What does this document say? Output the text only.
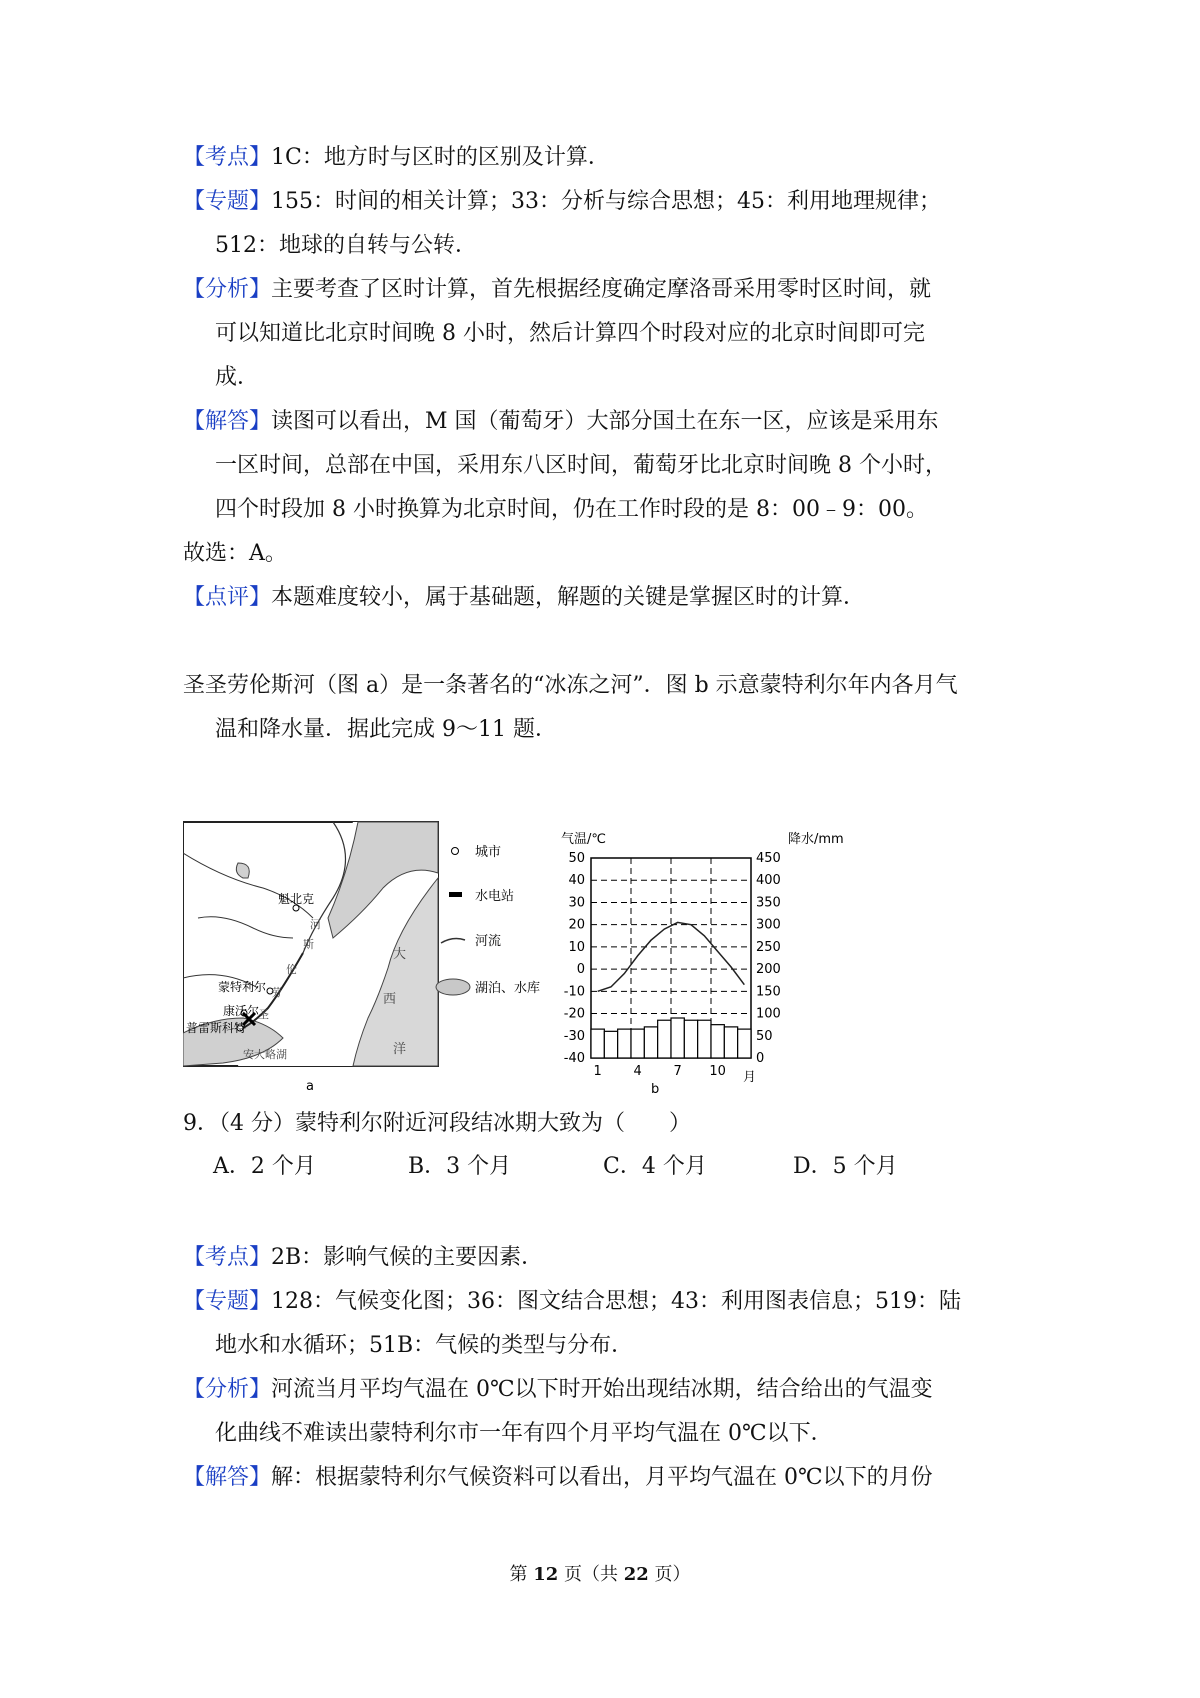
【考点】1C：地方时与区时的区别及计算．
【专题】155：时间的相关计算；33：分析与综合思想；45：利用地理规律；
512：地球的自转与公转．
【分析】主要考查了区时计算，首先根据经度确定摩洛哥采用零时区时间，就
可以知道比北京时间晚 8 小时，然后计算四个时段对应的北京时间即可完
成．
【解答】读图可以看出，M 国（葡萄牙）大部分国土在东一区，应该是采用东
一区时间，总部在中国，采用东八区时间，葡萄牙比北京时间晚 8 个小时，
四个时段加 8 小时换算为北京时间，仍在工作时段的是 8：00﹣9：00。
故选：A。
【点评】本题难度较小，属于基础题，解题的关键是掌握区时的计算．
圣圣劳伦斯河（图 a）是一条著名的“冰冻之河”．图 b 示意蒙特利尔年内各月气
温和降水量．据此完成 9～11 题．
魁北克
蒙特利尔
康沃尔
普雷斯科特
河
斯
伦
劳
圣
安大略湖
大
西
洋
a
城市
水电站
河流
湖泊、水库
气温/℃	降水/mm
50
40
30
20
10
0
-10
-20
-30
-40
450
400
350
300
250
200
150
100
50
0
1 4 7 10
b
月
9．（4 分）蒙特利尔附近河段结冰期大致为（　　）
A．2 个月	B．3 个月	C．4 个月	D．5 个月
【考点】2B：影响气候的主要因素．
【专题】128：气候变化图；36：图文结合思想；43：利用图表信息；519：陆
地水和水循环；51B：气候的类型与分布．
【分析】河流当月平均气温在 0℃以下时开始出现结冰期，结合给出的气温变
化曲线不难读出蒙特利尔市一年有四个月平均气温在 0℃以下．
【解答】解：根据蒙特利尔气候资料可以看出，月平均气温在 0℃以下的月份
第 12 页（共 22 页）
